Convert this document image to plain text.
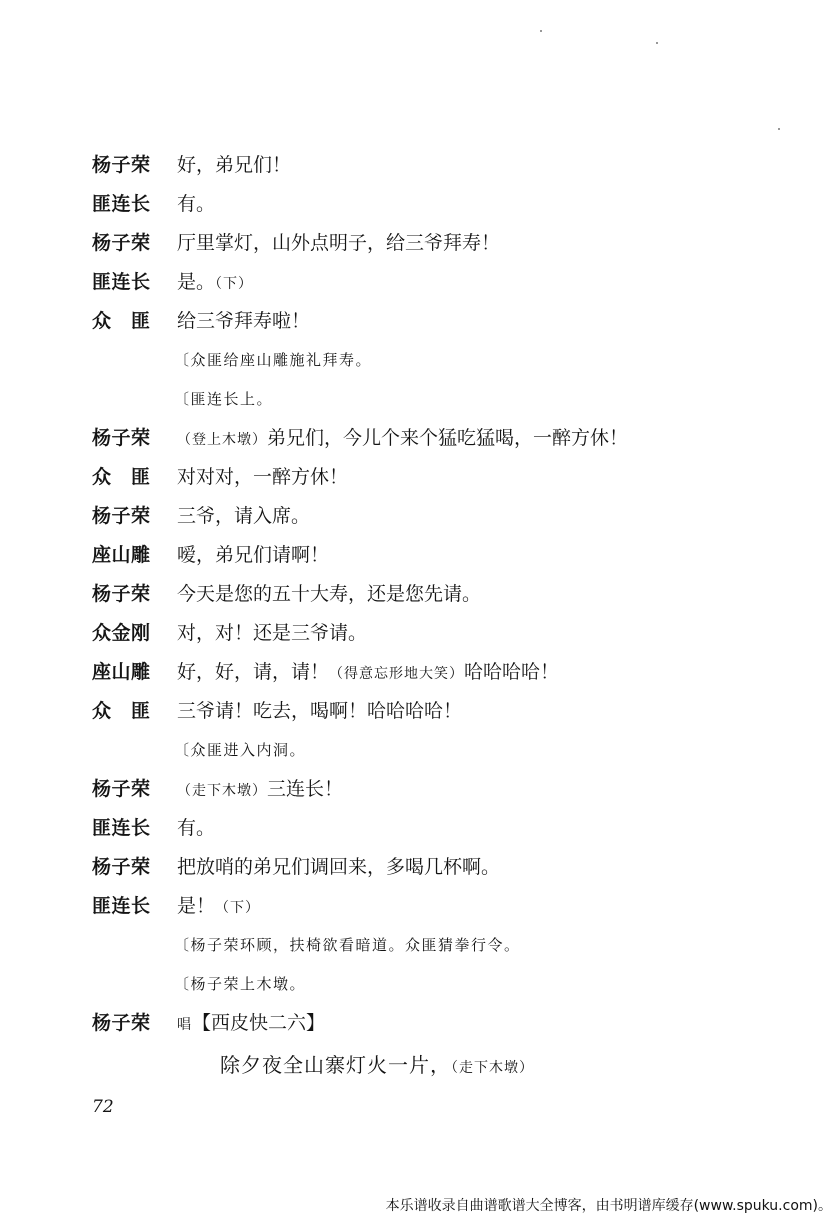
杨子荣	好，弟兄们！
匪连长	有。
杨子荣	厅里掌灯，山外点明子，给三爷拜寿！
匪连长	是。（下）
众　匪	给三爷拜寿啦！
〔众匪给座山雕施礼拜寿。
〔匪连长上。
杨子荣	（登上木墩）弟兄们，今儿个来个猛吃猛喝，一醉方休！
众　匪	对对对，一醉方休！
杨子荣	三爷，请入席。
座山雕	嗳，弟兄们请啊！
杨子荣	今天是您的五十大寿，还是您先请。
众金刚	对，对！还是三爷请。
座山雕	好，好，请，请！（得意忘形地大笑）哈哈哈哈！
众　匪	三爷请！吃去，喝啊！哈哈哈哈！
〔众匪进入内洞。
杨子荣	（走下木墩）三连长！
匪连长	有。
杨子荣	把放哨的弟兄们调回来，多喝几杯啊。
匪连长	是！（下）
〔杨子荣环顾，扶椅欲看暗道。众匪猜拳行令。
〔杨子荣上木墩。
杨子荣	唱【西皮快二六】
除夕夜全山寨灯火一片，（走下木墩）
72
本乐谱收录自曲谱歌谱大全博客，由书明谱库缓存(www.spuku.com)。
